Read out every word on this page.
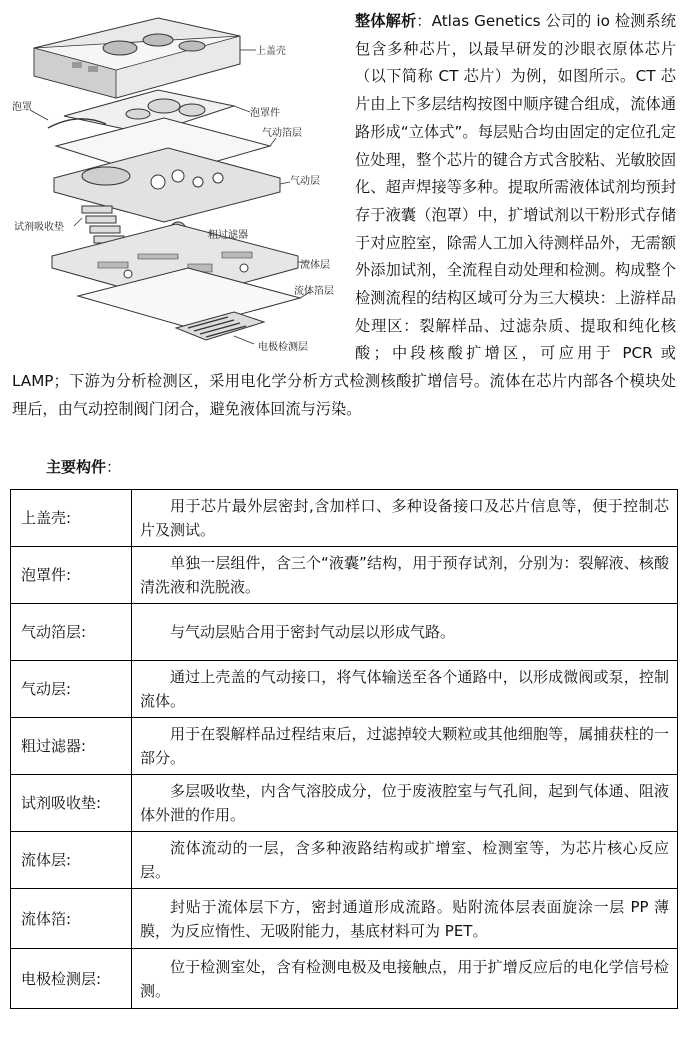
上盖壳
泡罩
泡罩件
气动箔层
气动层
试剂吸收垫
粗过滤器
流体层
流体箔层
电极检测层
整体解析：Atlas Genetics 公司的 io 检测系统包含多种芯片，以最早研发的沙眼衣原体芯片（以下简称 CT 芯片）为例，如图所示。CT 芯片由上下多层结构按图中顺序键合组成，流体通路形成“立体式”。每层贴合均由固定的定位孔定位处理，整个芯片的键合方式含胶粘、光敏胶固化、超声焊接等多种。提取所需液体试剂均预封存于液囊（泡罩）中，扩增试剂以干粉形式存储于对应腔室，除需人工加入待测样品外，无需额外添加试剂，全流程自动处理和检测。构成整个检测流程的结构区域可分为三大模块：上游样品处理区：裂解样品、过滤杂质、提取和纯化核酸；中段核酸扩增区，可应用于 PCR 或 LAMP；下游为分析检测区，采用电化学分析方式检测核酸扩增信号。流体在芯片内部各个模块处理后，由气动控制阀门闭合，避免液体回流与污染。
主要构件：
上盖壳:	用于芯片最外层密封,含加样口、多种设备接口及芯片信息等，便于控制芯片及测试。
泡罩件:	单独一层组件，含三个“液囊”结构，用于预存试剂，分别为：裂解液、核酸清洗液和洗脱液。
气动箔层:	与气动层贴合用于密封气动层以形成气路。
气动层:	通过上壳盖的气动接口，将气体输送至各个通路中，以形成微阀或泵，控制流体。
粗过滤器:	用于在裂解样品过程结束后，过滤掉较大颗粒或其他细胞等，属捕获柱的一部分。
试剂吸收垫:	多层吸收垫，内含气溶胶成分，位于废液腔室与气孔间，起到气体通、阻液体外泄的作用。
流体层:	流体流动的一层，含多种液路结构或扩增室、检测室等，为芯片核心反应层。
流体箔:	封贴于流体层下方，密封通道形成流路。贴附流体层表面旋涂一层 PP 薄膜，为反应惰性、无吸附能力，基底材料可为 PET。
电极检测层:	位于检测室处，含有检测电极及电接触点，用于扩增反应后的电化学信号检测。
